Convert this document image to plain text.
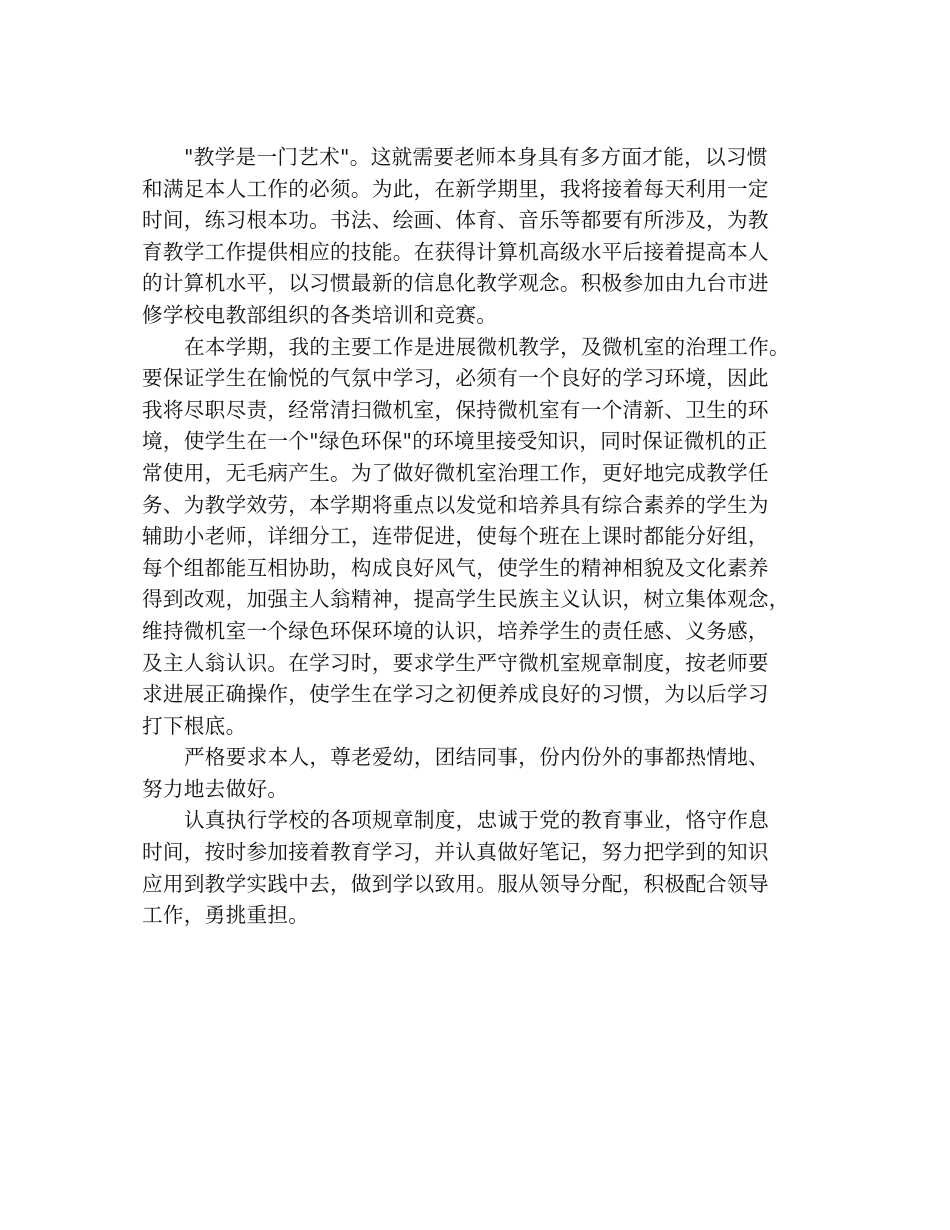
"教学是一门艺术"。这就需要老师本身具有多方面才能，以习惯
和满足本人工作的必须。为此，在新学期里，我将接着每天利用一定
时间，练习根本功。书法、绘画、体育、音乐等都要有所涉及，为教
育教学工作提供相应的技能。在获得计算机高级水平后接着提高本人
的计算机水平，以习惯最新的信息化教学观念。积极参加由九台市进
修学校电教部组织的各类培训和竞赛。
在本学期，我的主要工作是进展微机教学，及微机室的治理工作。
要保证学生在愉悦的气氛中学习，必须有一个良好的学习环境，因此
我将尽职尽责，经常清扫微机室，保持微机室有一个清新、卫生的环
境，使学生在一个"绿色环保"的环境里接受知识，同时保证微机的正
常使用，无毛病产生。为了做好微机室治理工作，更好地完成教学任
务、为教学效劳，本学期将重点以发觉和培养具有综合素养的学生为
辅助小老师，详细分工，连带促进，使每个班在上课时都能分好组，
每个组都能互相协助，构成良好风气，使学生的精神相貌及文化素养
得到改观，加强主人翁精神，提高学生民族主义认识，树立集体观念，
维持微机室一个绿色环保环境的认识，培养学生的责任感、义务感，
及主人翁认识。在学习时，要求学生严守微机室规章制度，按老师要
求进展正确操作，使学生在学习之初便养成良好的习惯，为以后学习
打下根底。
严格要求本人，尊老爱幼，团结同事，份内份外的事都热情地、
努力地去做好。
认真执行学校的各项规章制度，忠诚于党的教育事业，恪守作息
时间，按时参加接着教育学习，并认真做好笔记，努力把学到的知识
应用到教学实践中去，做到学以致用。服从领导分配，积极配合领导
工作，勇挑重担。
